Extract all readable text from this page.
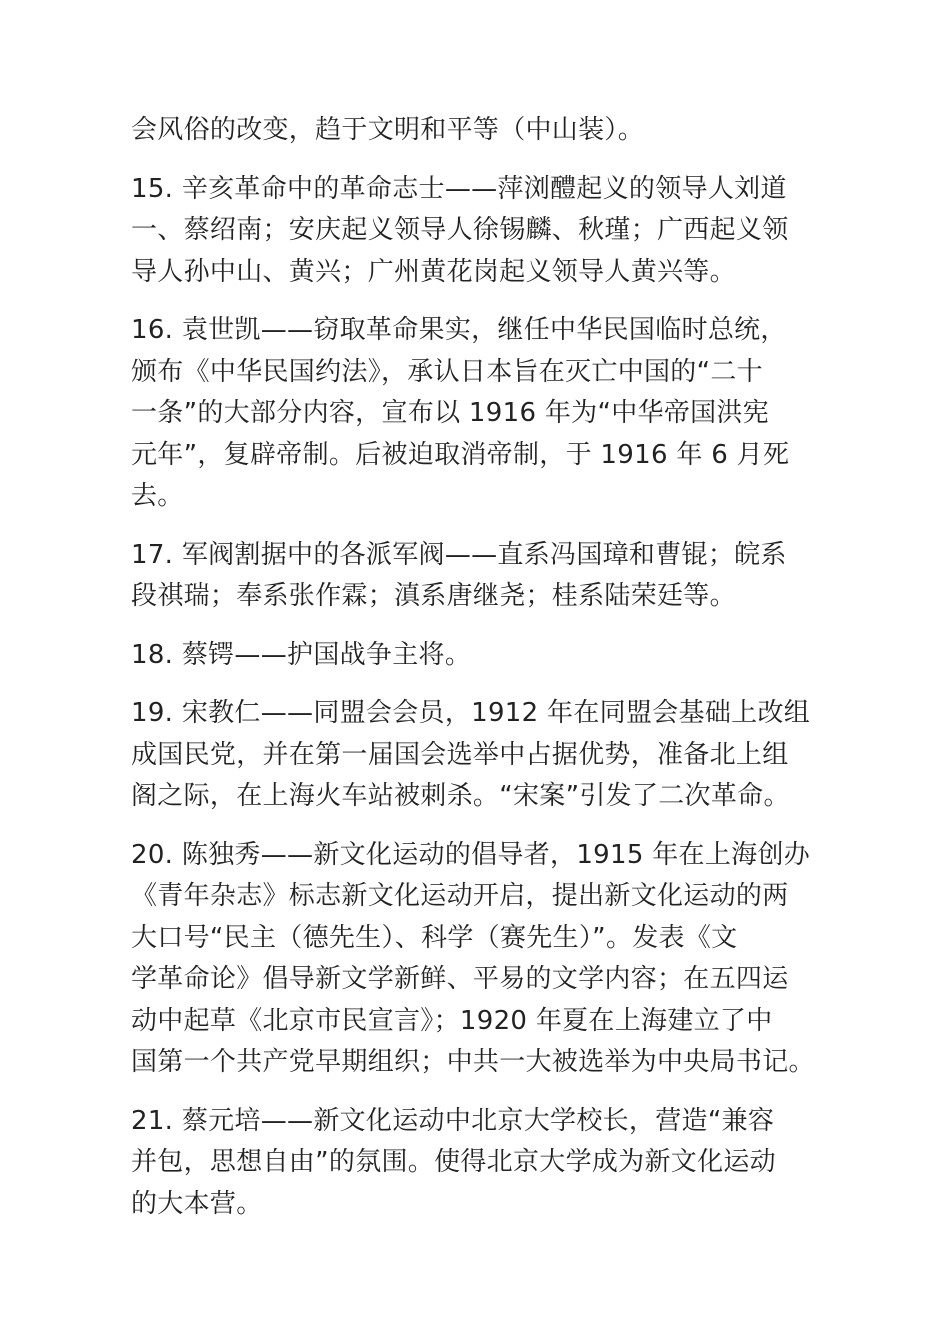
会风俗的改变，趋于文明和平等（中山装）。

15. 辛亥革命中的革命志士——萍浏醴起义的领导人刘道
一、蔡绍南；安庆起义领导人徐锡麟、秋瑾；广西起义领
导人孙中山、黄兴；广州黄花岗起义领导人黄兴等。

16. 袁世凯——窃取革命果实，继任中华民国临时总统，
颁布《中华民国约法》，承认日本旨在灭亡中国的“二十
一条”的大部分内容，宣布以 1916 年为“中华帝国洪宪
元年”，复辟帝制。后被迫取消帝制，于 1916 年 6 月死
去。

17. 军阀割据中的各派军阀——直系冯国璋和曹锟；皖系
段祺瑞；奉系张作霖；滇系唐继尧；桂系陆荣廷等。

18. 蔡锷——护国战争主将。

19. 宋教仁——同盟会会员，1912 年在同盟会基础上改组
成国民党，并在第一届国会选举中占据优势，准备北上组
阁之际，在上海火车站被刺杀。“宋案”引发了二次革命。

20. 陈独秀——新文化运动的倡导者，1915 年在上海创办
《青年杂志》标志新文化运动开启，提出新文化运动的两
大口号“民主（德先生）、科学（赛先生）”。发表《文
学革命论》倡导新文学新鲜、平易的文学内容；在五四运
动中起草《北京市民宣言》；1920 年夏在上海建立了中
国第一个共产党早期组织；中共一大被选举为中央局书记。

21. 蔡元培——新文化运动中北京大学校长，营造“兼容
并包，思想自由”的氛围。使得北京大学成为新文化运动
的大本营。
